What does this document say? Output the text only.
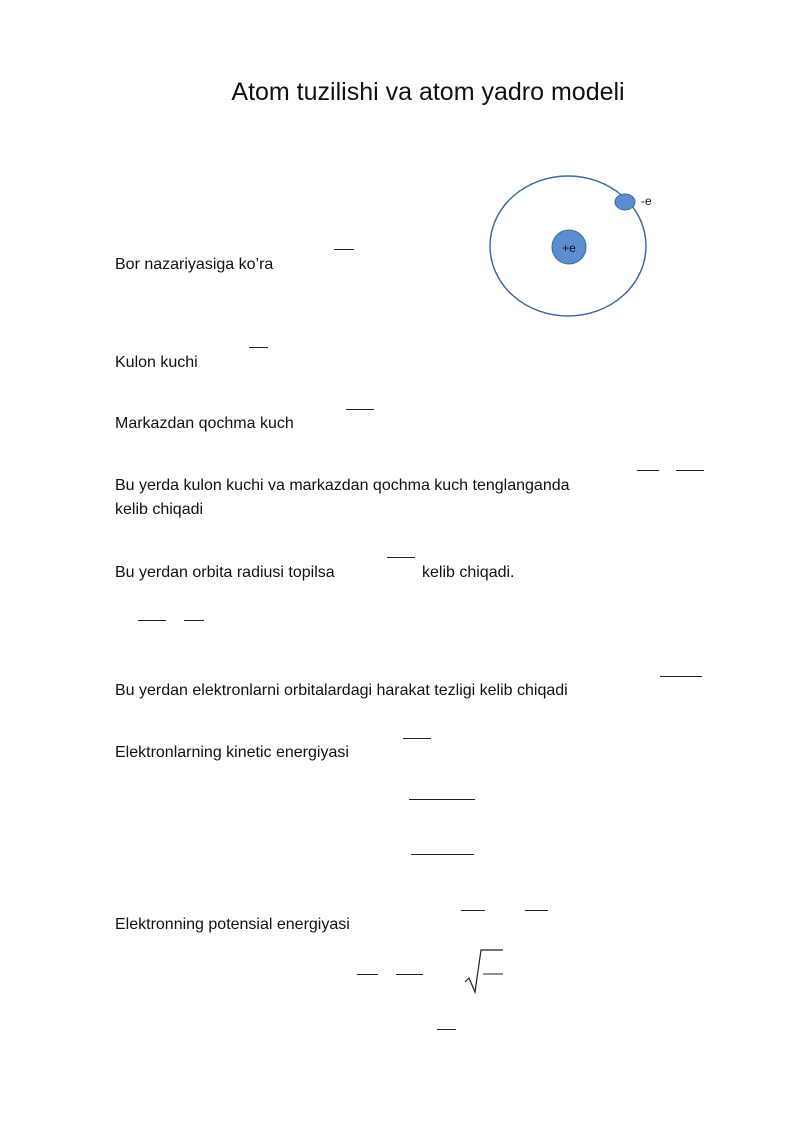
Atom tuzilishi va atom yadro modeli
+e
-e
Bor nazariyasiga ko’ra
Kulon kuchi
Markazdan qochma kuch
Bu yerda kulon kuchi va markazdan qochma kuch tenglanganda
kelib chiqadi
Bu yerdan orbita radiusi topilsa	kelib chiqadi.
Bu yerdan elektronlarni orbitalardagi harakat tezligi kelib chiqadi
Elektronlarning kinetic energiyasi
Elektronning potensial energiyasi
